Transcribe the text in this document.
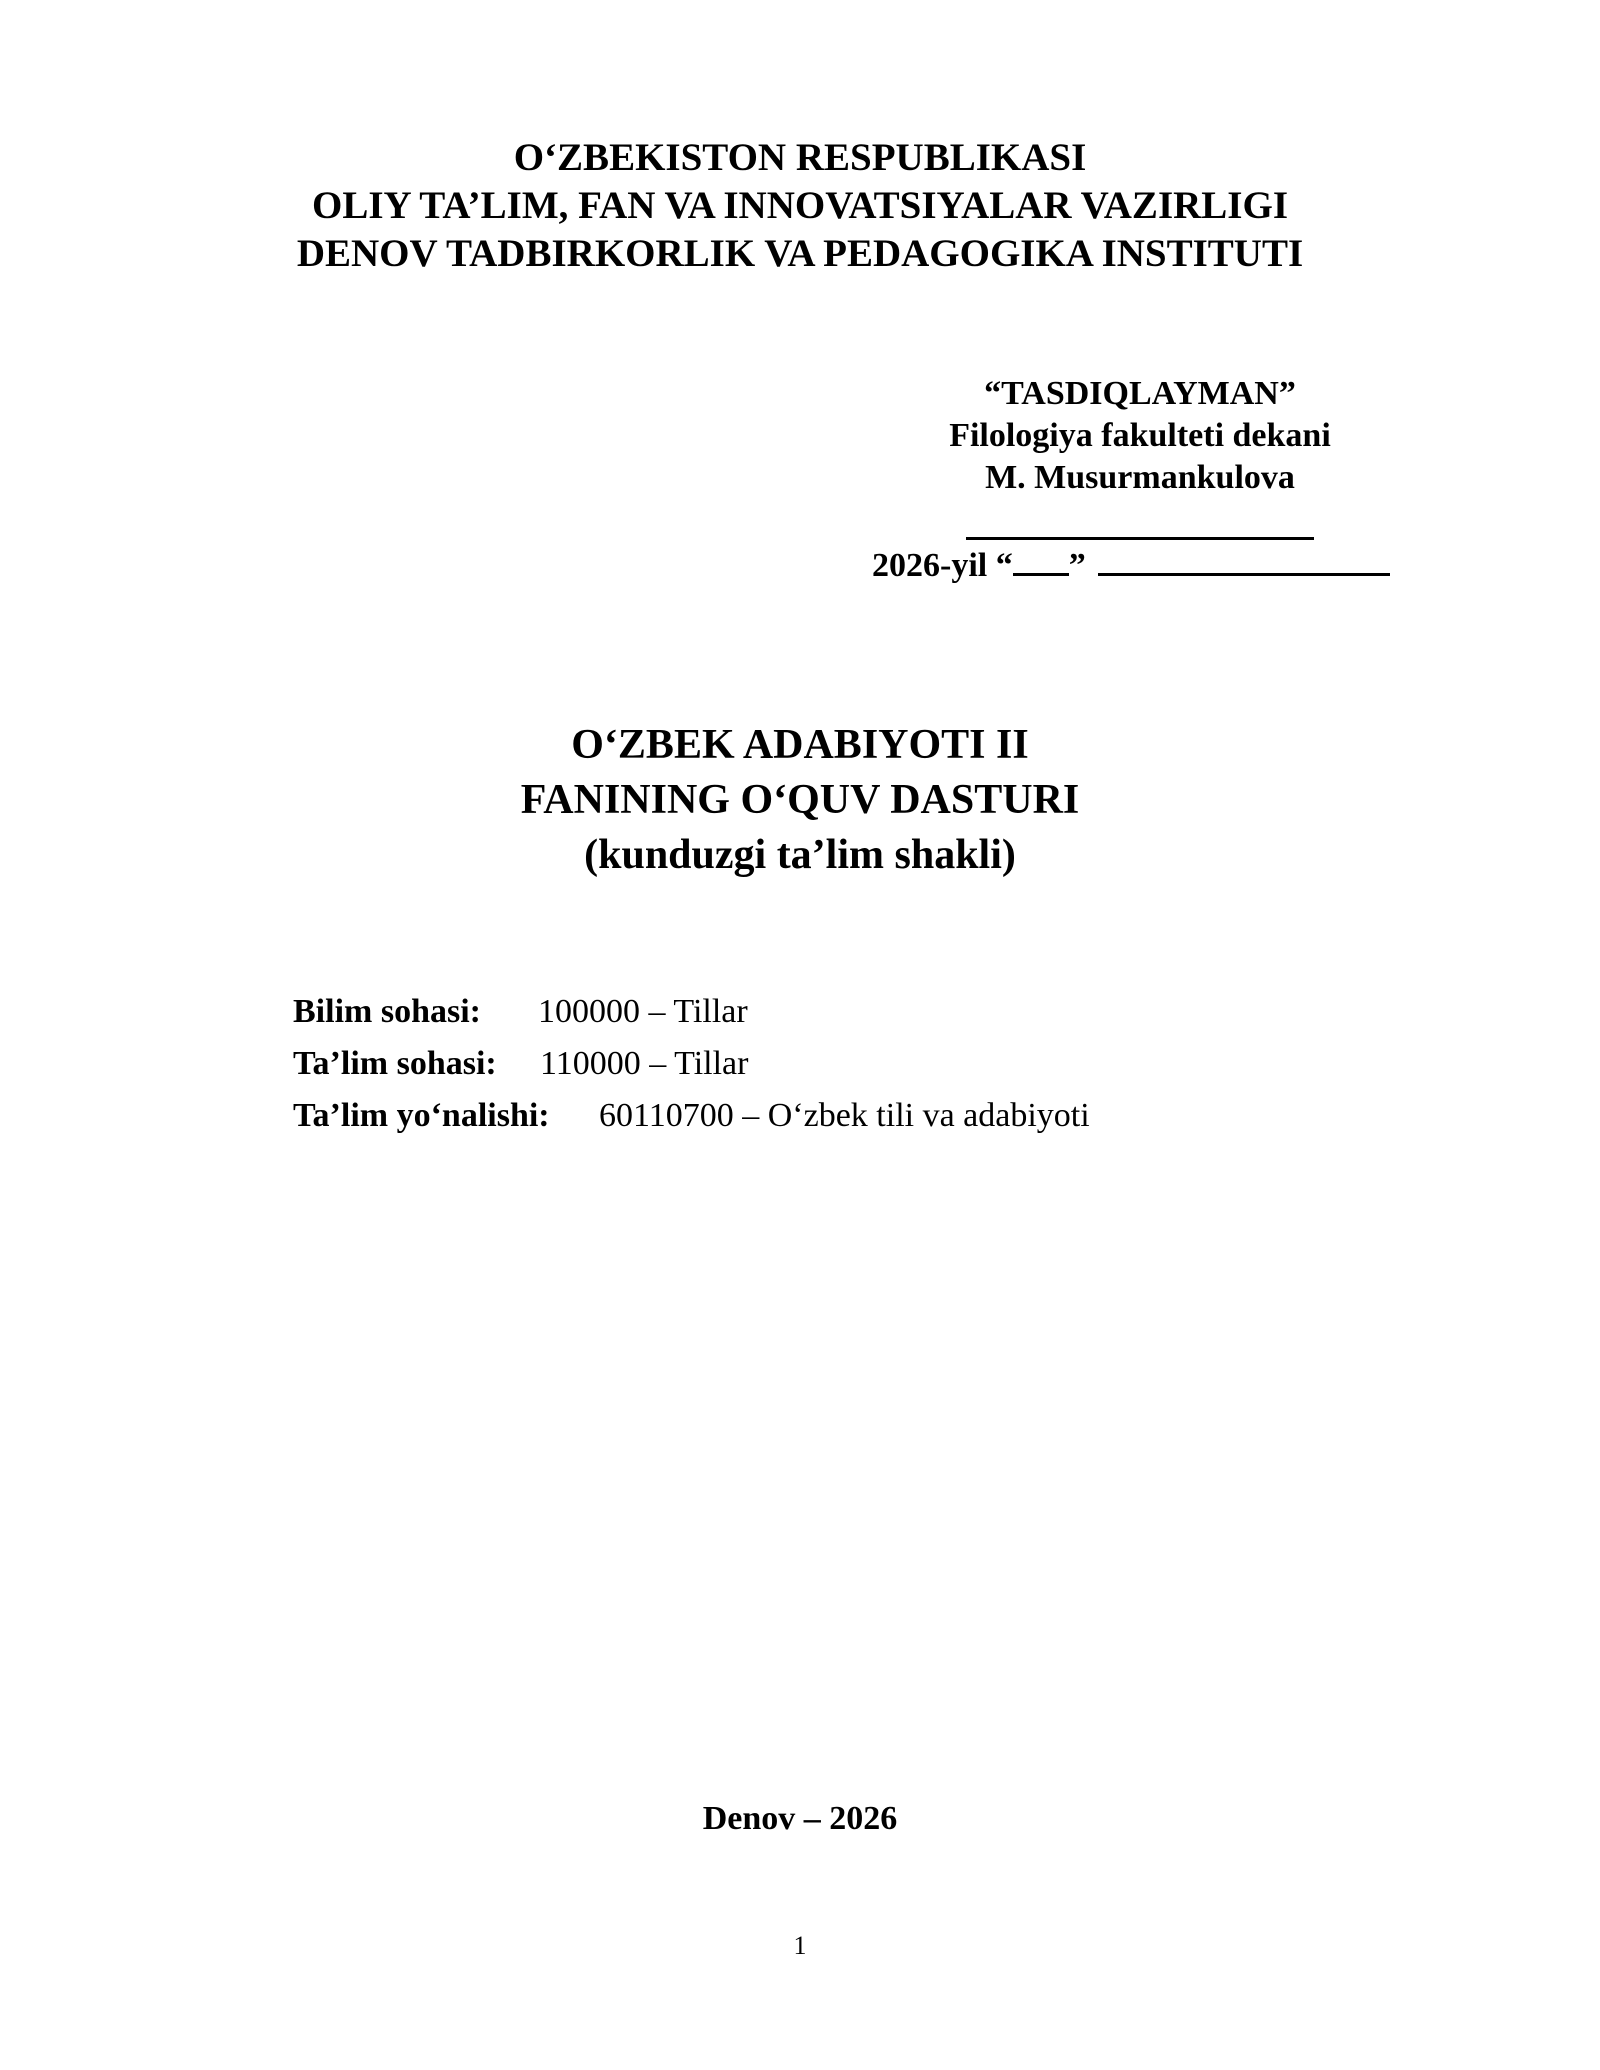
O‘ZBEKISTON RESPUBLIKASI
OLIY TA’LIM, FAN VA INNOVATSIYALAR VAZIRLIGI
DENOV TADBIRKORLIK VA PEDAGOGIKA INSTITUTI
“TASDIQLAYMAN”
Filologiya fakulteti dekani
M. Musurmankulova
2026-yil “ ”
O‘ZBEK ADABIYOTI II
FANINING O‘QUV DASTURI
(kunduzgi ta’lim shakli)
Bilim sohasi: 100000 – Tillar
Ta’lim sohasi: 110000 – Tillar
Ta’lim yo‘nalishi: 60110700 – O‘zbek tili va adabiyoti
Denov – 2026
1
